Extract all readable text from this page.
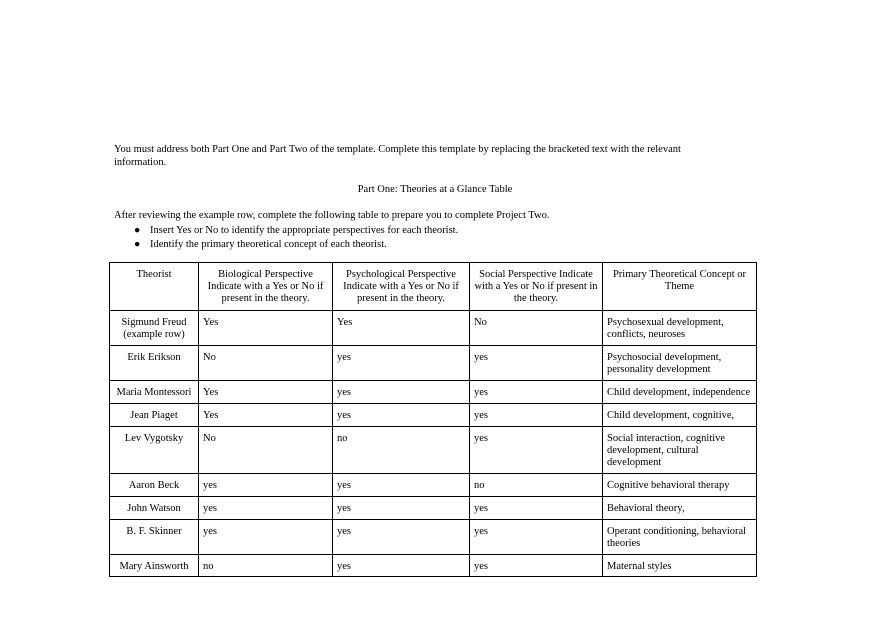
You must address both Part One and Part Two of the template. Complete this template by replacing the bracketed text with the relevant information.

Part One: Theories at a Glance Table

After reviewing the example row, complete the following table to prepare you to complete Project Two.

● Insert Yes or No to identify the appropriate perspectives for each theorist.
● Identify the primary theoretical concept of each theorist.
Theorist	Biological Perspective Indicate with a Yes or No if present in the theory.	Psychological Perspective Indicate with a Yes or No if present in the theory.	Social Perspective Indicate with a Yes or No if present in the theory.	Primary Theoretical Concept or Theme
Sigmund Freud (example row)	Yes	Yes	No	Psychosexual development, conflicts, neuroses
Erik Erikson	No	yes	yes	Psychosocial development, personality development
Maria Montessori	Yes	yes	yes	Child development, independence
Jean Piaget	Yes	yes	yes	Child development, cognitive,
Lev Vygotsky	No	no	yes	Social interaction, cognitive development, cultural development
Aaron Beck	yes	yes	no	Cognitive behavioral therapy
John Watson	yes	yes	yes	Behavioral theory,
B. F. Skinner	yes	yes	yes	Operant conditioning, behavioral theories
Mary Ainsworth	no	yes	yes	Maternal styles
